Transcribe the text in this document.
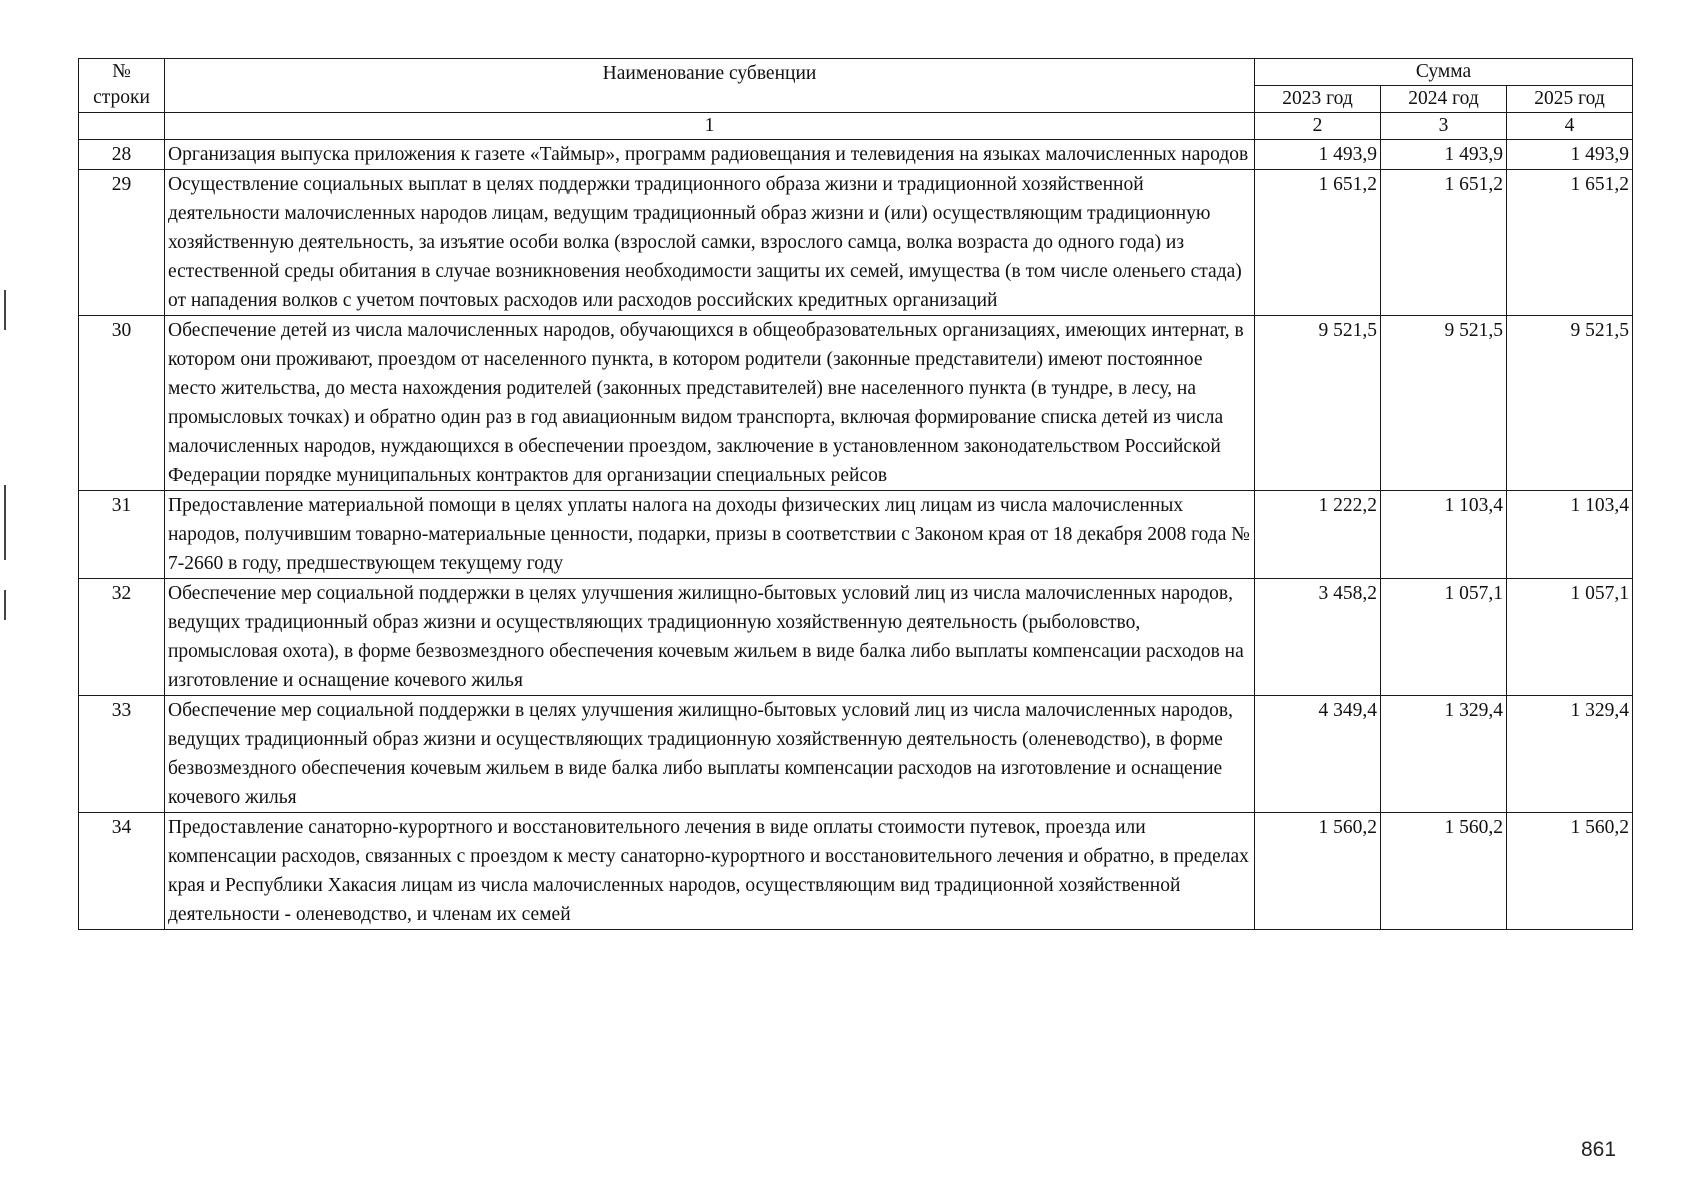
№
строки	Наименование субвенции	Сумма		
		2023 год	2024 год	2025 год
	1	2	3	4
28	Организация выпуска приложения к газете «Таймыр», программ радиовещания и телевидения на языках малочисленных народов	1 493,9	1 493,9	1 493,9
29	Осуществление социальных выплат в целях поддержки традиционного образа жизни и традиционной хозяйственной деятельности малочисленных народов лицам, ведущим традиционный образ жизни и (или) осуществляющим традиционную хозяйственную деятельность, за изъятие особи волка (взрослой самки, взрослого самца, волка возраста до одного года) из естественной среды обитания в случае возникновения необходимости защиты их семей, имущества (в том числе оленьего стада) от нападения волков с учетом почтовых расходов или расходов российских кредитных организаций	1 651,2	1 651,2	1 651,2
30	Обеспечение детей из числа малочисленных народов, обучающихся в общеобразовательных организациях, имеющих интернат, в котором они проживают, проездом от населенного пункта, в котором родители (законные представители) имеют постоянное место жительства, до места нахождения родителей (законных представителей) вне населенного пункта (в тундре, в лесу, на промысловых точках) и обратно один раз в год авиационным видом транспорта, включая формирование списка детей из числа малочисленных народов, нуждающихся в обеспечении проездом, заключение в установленном законодательством Российской Федерации порядке муниципальных контрактов для организации специальных рейсов	9 521,5	9 521,5	9 521,5
31	Предоставление материальной помощи в целях уплаты налога на доходы физических лиц лицам из числа малочисленных народов, получившим товарно-материальные ценности, подарки, призы в соответствии с Законом края от 18 декабря 2008 года № 7-2660 в году, предшествующем текущему году	1 222,2	1 103,4	1 103,4
32	Обеспечение мер социальной поддержки в целях улучшения жилищно-бытовых условий лиц из числа малочисленных народов, ведущих традиционный образ жизни и осуществляющих традиционную хозяйственную деятельность (рыболовство, промысловая охота), в форме безвозмездного обеспечения кочевым жильем в виде балка либо выплаты компенсации расходов на изготовление и оснащение кочевого жилья	3 458,2	1 057,1	1 057,1
33	Обеспечение мер социальной поддержки в целях улучшения жилищно-бытовых условий лиц из числа малочисленных народов, ведущих традиционный образ жизни и осуществляющих традиционную хозяйственную деятельность (оленеводство), в форме безвозмездного обеспечения кочевым жильем в виде балка либо выплаты компенсации расходов на изготовление и оснащение кочевого жилья	4 349,4	1 329,4	1 329,4
34	Предоставление санаторно-курортного и восстановительного лечения в виде оплаты стоимости путевок, проезда или компенсации расходов, связанных с проездом к месту санаторно-курортного и восстановительного лечения и обратно, в пределах края и Республики Хакасия лицам из числа малочисленных народов, осуществляющим вид традиционной хозяйственной деятельности - оленеводство, и членам их семей	1 560,2	1 560,2	1 560,2
861
